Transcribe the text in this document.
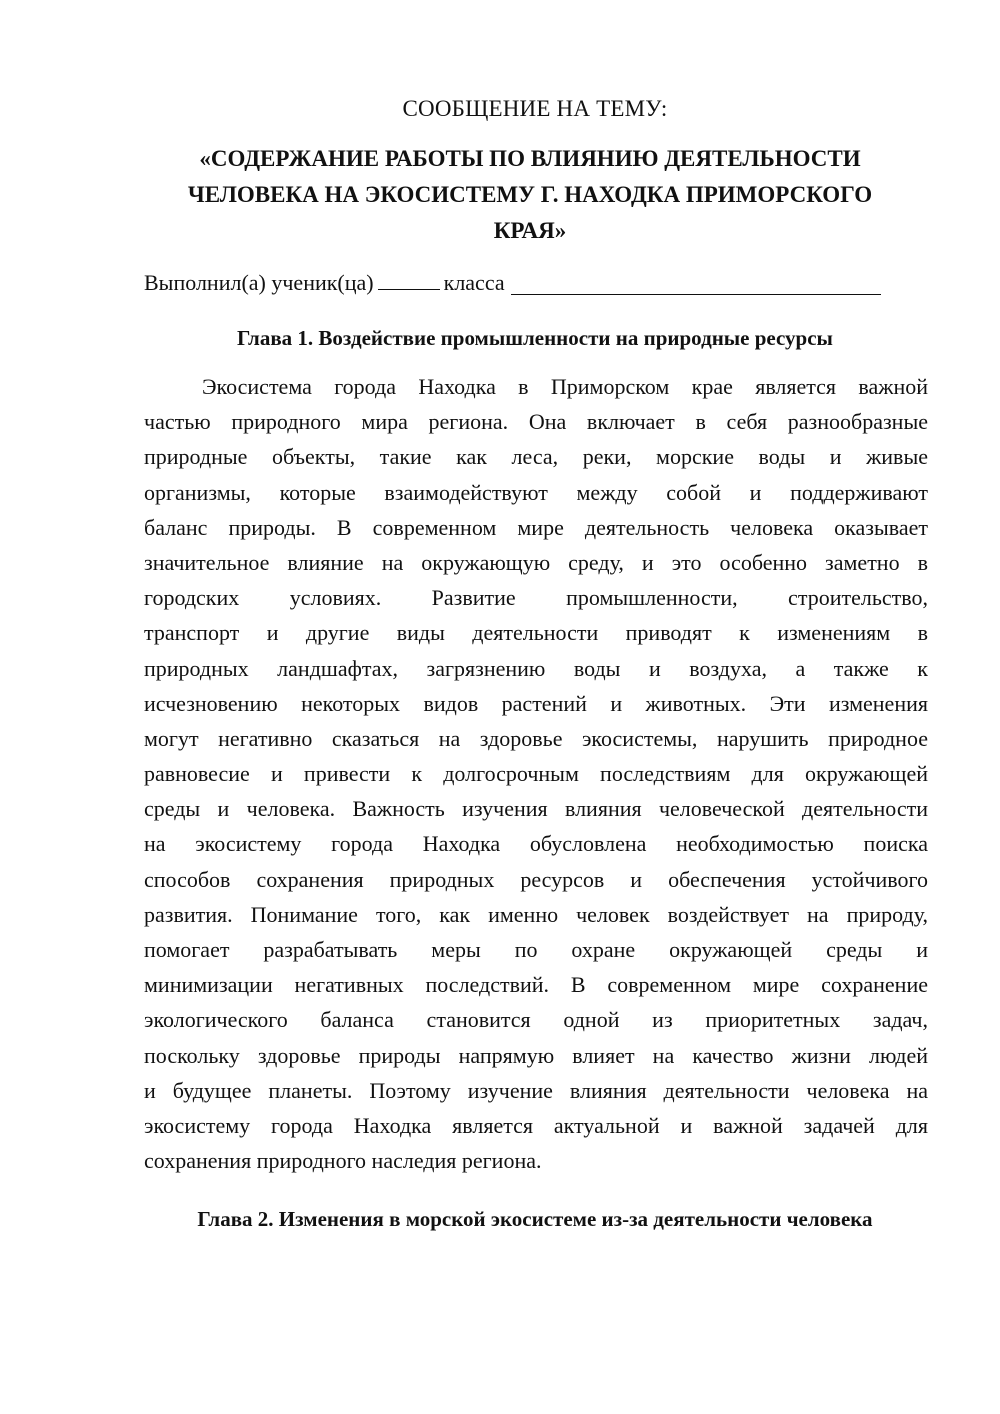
СООБЩЕНИЕ НА ТЕМУ:
«СОДЕРЖАНИЕ РАБОТЫ ПО ВЛИЯНИЮ ДЕЯТЕЛЬНОСТИ
ЧЕЛОВЕКА НА ЭКОСИСТЕМУ Г. НАХОДКА ПРИМОРСКОГО
КРАЯ»
Выполнил(а) ученик(ца)	класса
Глава 1. Воздействие промышленности на природные ресурсы
Экосистема города Находка в Приморском крае является важной
частью природного мира региона. Она включает в себя разнообразные
природные объекты, такие как леса, реки, морские воды и живые
организмы, которые взаимодействуют между собой и поддерживают
баланс природы. В современном мире деятельность человека оказывает
значительное влияние на окружающую среду, и это особенно заметно в
городских условиях. Развитие промышленности, строительство,
транспорт и другие виды деятельности приводят к изменениям в
природных ландшафтах, загрязнению воды и воздуха, а также к
исчезновению некоторых видов растений и животных. Эти изменения
могут негативно сказаться на здоровье экосистемы, нарушить природное
равновесие и привести к долгосрочным последствиям для окружающей
среды и человека. Важность изучения влияния человеческой деятельности
на экосистему города Находка обусловлена необходимостью поиска
способов сохранения природных ресурсов и обеспечения устойчивого
развития. Понимание того, как именно человек воздействует на природу,
помогает разрабатывать меры по охране окружающей среды и
минимизации негативных последствий. В современном мире сохранение
экологического баланса становится одной из приоритетных задач,
поскольку здоровье природы напрямую влияет на качество жизни людей
и будущее планеты. Поэтому изучение влияния деятельности человека на
экосистему города Находка является актуальной и важной задачей для
сохранения природного наследия региона.
Глава 2. Изменения в морской экосистеме из-за деятельности человека
